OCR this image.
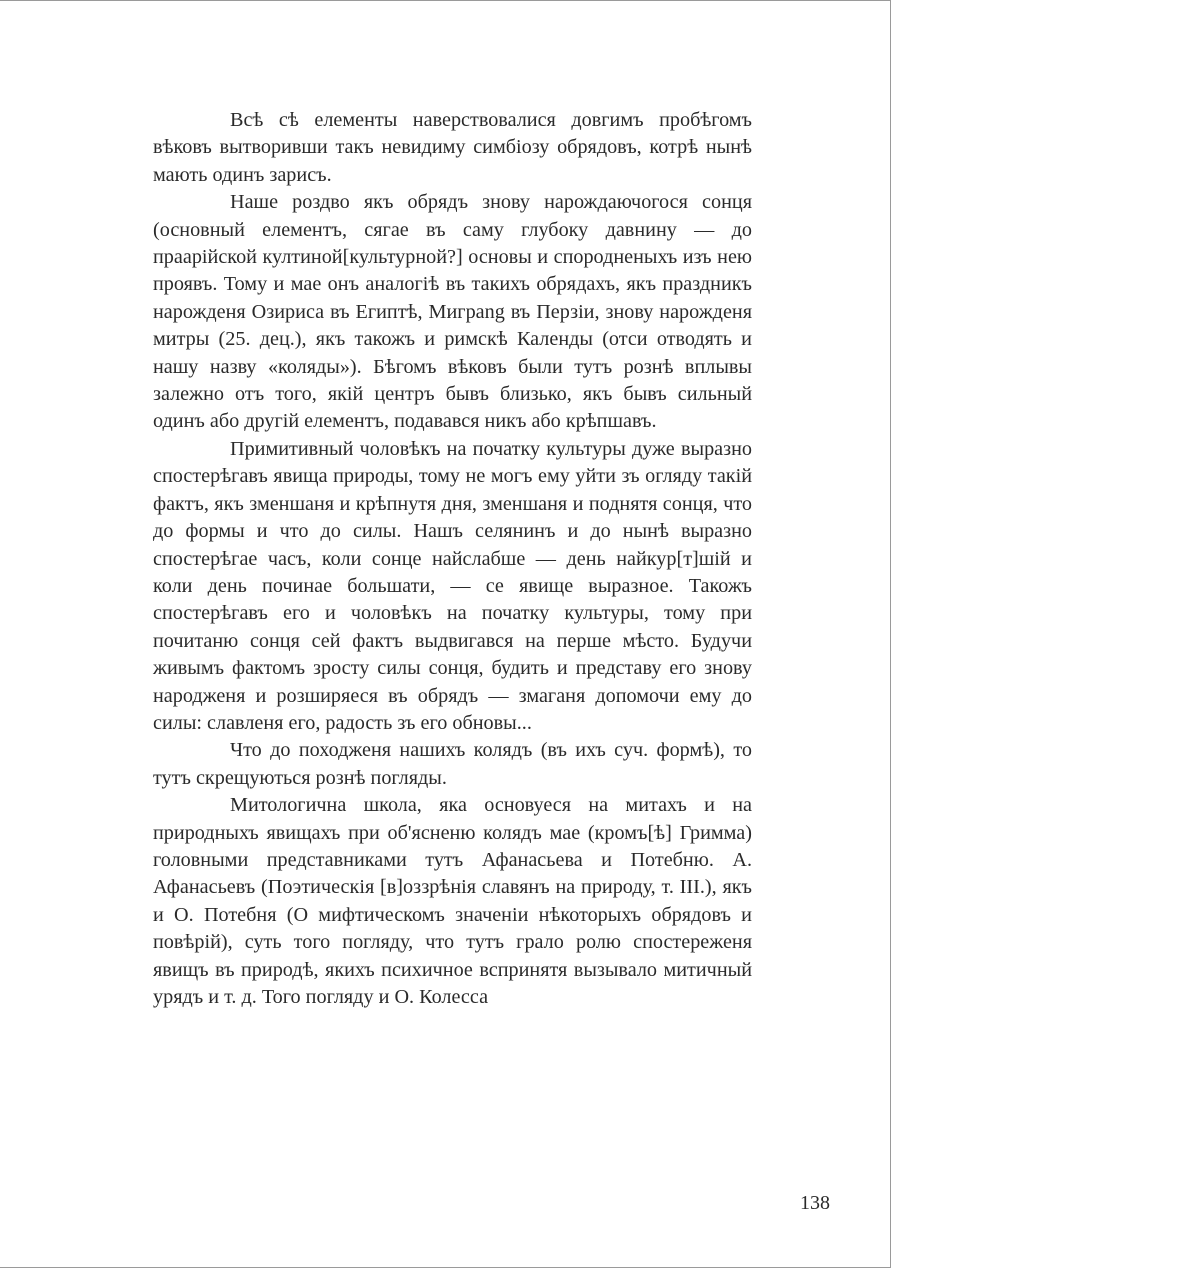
Всѣ сѣ елементы наверствовалися довгимъ пробѣгомъ вѣковъ вытворивши такъ невидиму симбіозу обрядовъ, котрѣ нынѣ мають одинъ зарисъ.

Наше роздво якъ обрядъ знову нарождаючогося сонця (основный елементъ, сягае въ саму глубоку давнину — до праарійской култиной[культурной?] основы и спородненыхъ изъ нею проявъ. Тому и мае онъ аналогіѣ въ такихъ обрядахъ, якъ праздникъ нарожденя Озириса въ Египтѣ, Миграng въ Перзіи, знову нарожденя митры (25. дец.), якъ такожъ и римскѣ Календы (отси отводять и нашу назву «коляды»). Бѣгомъ вѣковъ были тутъ рознѣ вплывы залежно отъ того, якій центръ бывъ близько, якъ бывъ сильный одинъ або другій елементъ, подавався никъ або крѣпшавъ.

Примитивный чоловѣкъ на початку культуры дуже выразно спостерѣгавъ явища природы, тому не могъ ему уйти зъ огляду такій фактъ, якъ зменшаня и крѣпнутя дня, зменшаня и поднятя сонця, что до формы и что до силы. Нашъ селянинъ и до нынѣ выразно спостерѣгае часъ, коли сонце найслабше — день найкур[т]шій и коли день починае большати, — се явище выразное. Такожъ спостерѣгавъ его и чоловѣкъ на початку культуры, тому при почитаню сонця сей фактъ выдвигався на перше мѣсто. Будучи живымъ фактомъ зросту силы сонця, будить и представу его знову народженя и розширяеся въ обрядъ — змаганя допомочи ему до силы: славленя его, радость зъ его обновы...

Что до походженя нашихъ колядъ (въ ихъ суч. формѣ), то тутъ скрещуються рознѣ погляды.

Митологична школа, яка основуеся на митахъ и на природныхъ явищахъ при об'ясненю колядъ мае (кромъ[ѣ] Гримма) головными представниками тутъ Афанасьева и Потебню. А. Афанасьевъ (Поэтическія [в]оззрѣнія славянъ на природу, т. III.), якъ и О. Потебня (О мифтическомъ значеніи нѣкоторыхъ обрядовъ и повѣрій), суть того погляду, что тутъ грало ролю спостереженя явищъ въ природѣ, якихъ психичное вспринятя вызывало митичный урядъ и т. д. Того погляду и О. Колесса

138
